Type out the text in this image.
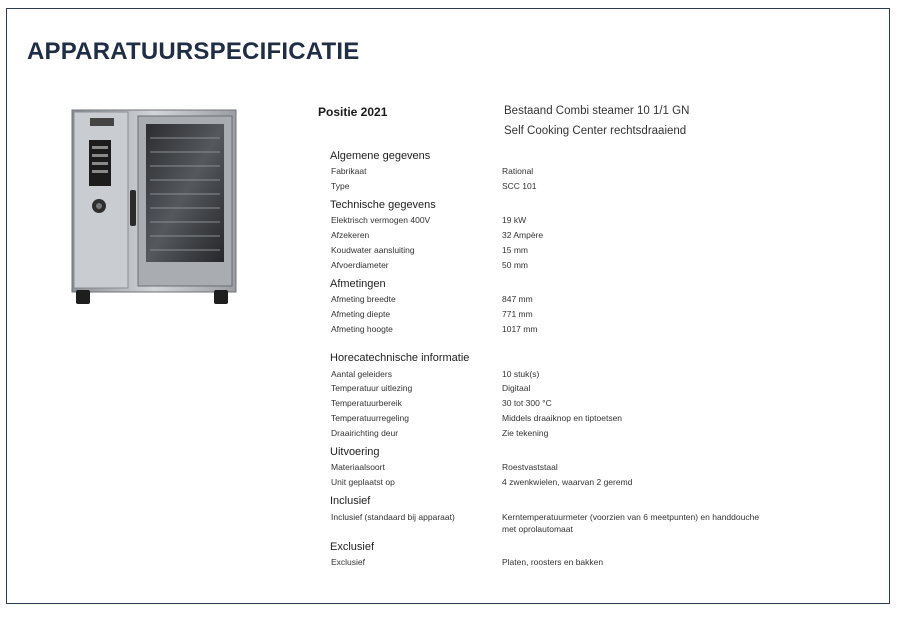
APPARATUURSPECIFICATIE
Positie 2021	Bestaand Combi steamer 10 1/1 GN
Self Cooking Center rechtsdraaiend
Algemene gegevens
Fabrikaat	Rational
Type	SCC 101
Technische gegevens
Elektrisch vermogen 400V	19 kW
Afzekeren	32 Ampère
Koudwater aansluiting	15 mm
Afvoerdiameter	50 mm
Afmetingen
Afmeting breedte	847 mm
Afmeting diepte	771 mm
Afmeting hoogte	1017 mm
Horecatechnische informatie
Aantal geleiders	10 stuk(s)
Temperatuur uitlezing	Digitaal
Temperatuurbereik	30 tot 300 °C
Temperatuurregeling	Middels draaiknop en tiptoetsen
Draairichting deur	Zie tekening
Uitvoering
Materiaalsoort	Roestvaststaal
Unit geplaatst op	4 zwenkwielen, waarvan 2 geremd
Inclusief
Inclusief (standaard bij apparaat)	Kerntemperatuurmeter (voorzien van 6 meetpunten) en handdouche met oprolautomaat
Exclusief
Exclusief	Platen, roosters en bakken
